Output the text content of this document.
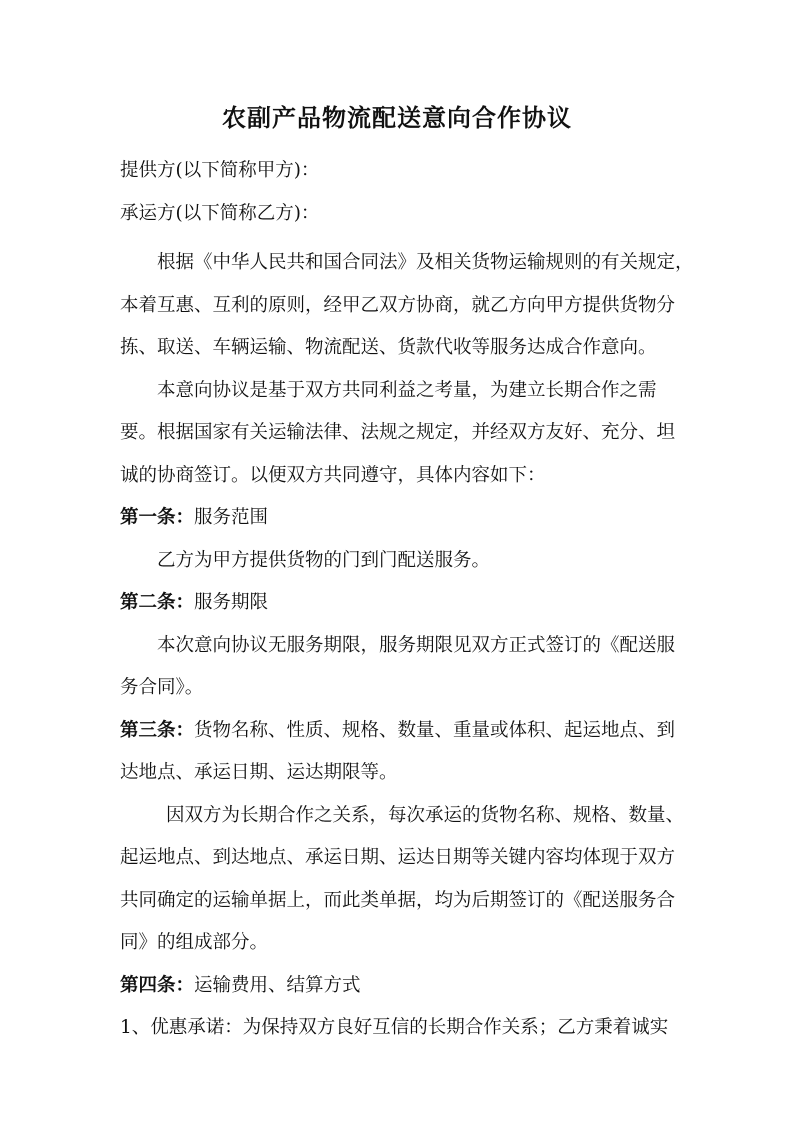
农副产品物流配送意向合作协议

提供方(以下简称甲方)：

承运方(以下简称乙方)：

根据《中华人民共和国合同法》及相关货物运输规则的有关规定，

本着互惠、互利的原则，经甲乙双方协商，就乙方向甲方提供货物分

拣、取送、车辆运输、物流配送、货款代收等服务达成合作意向。

本意向协议是基于双方共同利益之考量，为建立长期合作之需

要。根据国家有关运输法律、法规之规定，并经双方友好、充分、坦

诚的协商签订。以便双方共同遵守，具体内容如下：

第一条：服务范围

乙方为甲方提供货物的门到门配送服务。

第二条：服务期限

本次意向协议无服务期限，服务期限见双方正式签订的《配送服

务合同》。

第三条：货物名称、性质、规格、数量、重量或体积、起运地点、到

达地点、承运日期、运达期限等。

因双方为长期合作之关系，每次承运的货物名称、规格、数量、

起运地点、到达地点、承运日期、运达日期等关键内容均体现于双方

共同确定的运输单据上，而此类单据，均为后期签订的《配送服务合

同》的组成部分。

第四条：运输费用、结算方式

1、优惠承诺：为保持双方良好互信的长期合作关系；乙方秉着诚实
